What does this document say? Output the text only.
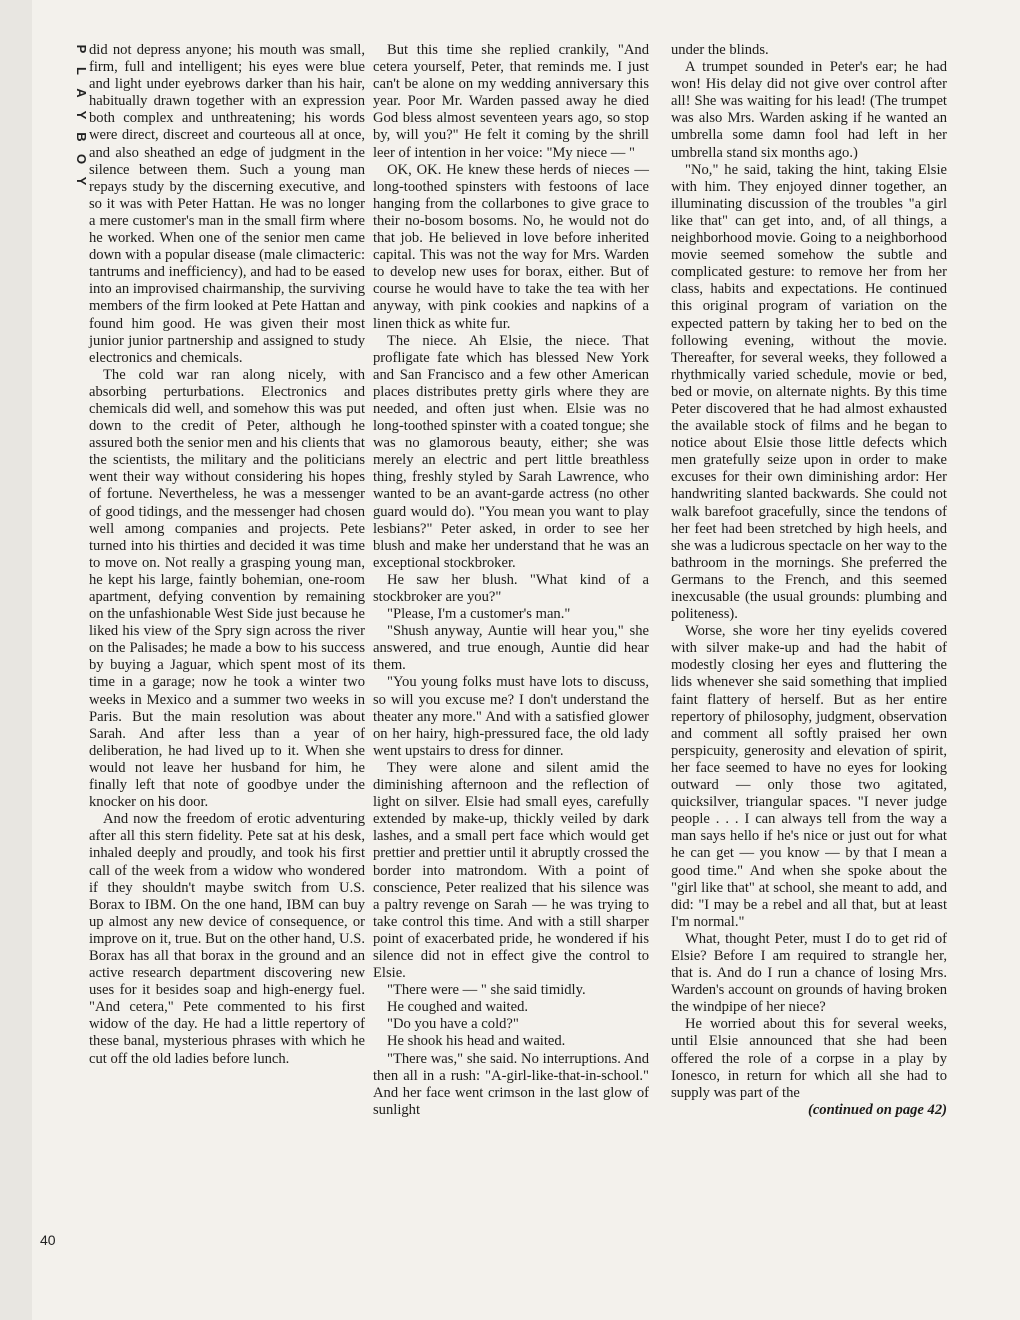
P
L
A
Y
B
O
Y

did not depress anyone; his mouth was small, firm, full and intelligent; his eyes were blue and light under eyebrows darker than his hair, habitually drawn together with an expression both complex and unthreatening; his words were direct, discreet and courteous all at once, and also sheathed an edge of judgment in the silence between them. Such a young man repays study by the discerning executive, and so it was with Peter Hattan. He was no longer a mere customer's man in the small firm where he worked. When one of the senior men came down with a popular disease (male climacteric: tantrums and inefficiency), and had to be eased into an improvised chairmanship, the surviving members of the firm looked at Pete Hattan and found him good. He was given their most junior junior partnership and assigned to study electronics and chemicals.

The cold war ran along nicely, with absorbing perturbations. Electronics and chemicals did well, and somehow this was put down to the credit of Peter, although he assured both the senior men and his clients that the scientists, the military and the politicians went their way without considering his hopes of fortune. Nevertheless, he was a messenger of good tidings, and the messenger had chosen well among companies and projects. Pete turned into his thirties and decided it was time to move on. Not really a grasping young man, he kept his large, faintly bohemian, one-room apartment, defying convention by remaining on the unfashionable West Side just because he liked his view of the Spry sign across the river on the Palisades; he made a bow to his success by buying a Jaguar, which spent most of its time in a garage; now he took a winter two weeks in Mexico and a summer two weeks in Paris. But the main resolution was about Sarah. And after less than a year of deliberation, he had lived up to it. When she would not leave her husband for him, he finally left that note of goodbye under the knocker on his door.

And now the freedom of erotic adventuring after all this stern fidelity. Pete sat at his desk, inhaled deeply and proudly, and took his first call of the week from a widow who wondered if they shouldn't maybe switch from U.S. Borax to IBM. On the one hand, IBM can buy up almost any new device of consequence, or improve on it, true. But on the other hand, U.S. Borax has all that borax in the ground and an active research department discovering new uses for it besides soap and high-energy fuel. "And cetera," Pete commented to his first widow of the day. He had a little repertory of these banal, mysterious phrases with which he cut off the old ladies before lunch.

But this time she replied crankily, "And cetera yourself, Peter, that reminds me. I just can't be alone on my wedding anniversary this year. Poor Mr. Warden passed away he died God bless almost seventeen years ago, so stop by, will you?" He felt it coming by the shrill leer of intention in her voice: "My niece — "

OK, OK. He knew these herds of nieces — long-toothed spinsters with festoons of lace hanging from the collarbones to give grace to their no-bosom bosoms. No, he would not do that job. He believed in love before inherited capital. This was not the way for Mrs. Warden to develop new uses for borax, either. But of course he would have to take the tea with her anyway, with pink cookies and napkins of a linen thick as white fur.

The niece. Ah Elsie, the niece. That profligate fate which has blessed New York and San Francisco and a few other American places distributes pretty girls where they are needed, and often just when. Elsie was no long-toothed spinster with a coated tongue; she was no glamorous beauty, either; she was merely an electric and pert little breathless thing, freshly styled by Sarah Lawrence, who wanted to be an avant-garde actress (no other guard would do). "You mean you want to play lesbians?" Peter asked, in order to see her blush and make her understand that he was an exceptional stockbroker.

He saw her blush. "What kind of a stockbroker are you?"

"Please, I'm a customer's man."

"Shush anyway, Auntie will hear you," she answered, and true enough, Auntie did hear them.

"You young folks must have lots to discuss, so will you excuse me? I don't understand the theater any more." And with a satisfied glower on her hairy, high-pressured face, the old lady went upstairs to dress for dinner.

They were alone and silent amid the diminishing afternoon and the reflection of light on silver. Elsie had small eyes, carefully extended by make-up, thickly veiled by dark lashes, and a small pert face which would get prettier and prettier until it abruptly crossed the border into matrondom. With a point of conscience, Peter realized that his silence was a paltry revenge on Sarah — he was trying to take control this time. And with a still sharper point of exacerbated pride, he wondered if his silence did not in effect give the control to Elsie.

"There were — " she said timidly.

He coughed and waited.

"Do you have a cold?"

He shook his head and waited.

"There was," she said. No interruptions. And then all in a rush: "A-girl-like-that-in-school." And her face went crimson in the last glow of sunlight

under the blinds.

A trumpet sounded in Peter's ear; he had won! His delay did not give over control after all! She was waiting for his lead! (The trumpet was also Mrs. Warden asking if he wanted an umbrella some damn fool had left in her umbrella stand six months ago.)

"No," he said, taking the hint, taking Elsie with him. They enjoyed dinner together, an illuminating discussion of the troubles "a girl like that" can get into, and, of all things, a neighborhood movie. Going to a neighborhood movie seemed somehow the subtle and complicated gesture: to remove her from her class, habits and expectations. He continued this original program of variation on the expected pattern by taking her to bed on the following evening, without the movie. Thereafter, for several weeks, they followed a rhythmically varied schedule, movie or bed, bed or movie, on alternate nights. By this time Peter discovered that he had almost exhausted the available stock of films and he began to notice about Elsie those little defects which men gratefully seize upon in order to make excuses for their own diminishing ardor: Her handwriting slanted backwards. She could not walk barefoot gracefully, since the tendons of her feet had been stretched by high heels, and she was a ludicrous spectacle on her way to the bathroom in the mornings. She preferred the Germans to the French, and this seemed inexcusable (the usual grounds: plumbing and politeness).

Worse, she wore her tiny eyelids covered with silver make-up and had the habit of modestly closing her eyes and fluttering the lids whenever she said something that implied faint flattery of herself. But as her entire repertory of philosophy, judgment, observation and comment all softly praised her own perspicuity, generosity and elevation of spirit, her face seemed to have no eyes for looking outward — only those two agitated, quicksilver, triangular spaces. "I never judge people . . . I can always tell from the way a man says hello if he's nice or just out for what he can get — you know — by that I mean a good time." And when she spoke about the "girl like that" at school, she meant to add, and did: "I may be a rebel and all that, but at least I'm normal."

What, thought Peter, must I do to get rid of Elsie? Before I am required to strangle her, that is. And do I run a chance of losing Mrs. Warden's account on grounds of having broken the windpipe of her niece?

He worried about this for several weeks, until Elsie announced that she had been offered the role of a corpse in a play by Ionesco, in return for which all she had to supply was part of the

(continued on page 42)

40
